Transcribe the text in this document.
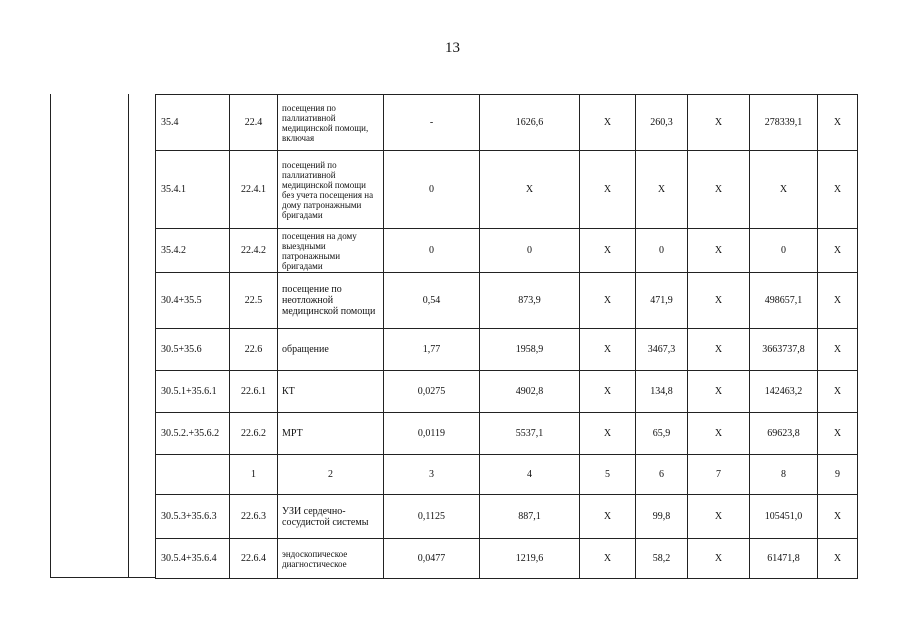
13
35.4	22.4	посещения по паллиативной медицинской помощи, включая	-	1626,6	X	260,3	X	278339,1	X
35.4.1	22.4.1	посещений по паллиативной медицинской помощи без учета посещения на дому патронажными бригадами	0	X	X	X	X	X	X
35.4.2	22.4.2	посещения на дому выездными патронажными бригадами	0	0	X	0	X	0	X
30.4+35.5	22.5	посещение по неотложной медицинской помощи	0,54	873,9	X	471,9	X	498657,1	X
30.5+35.6	22.6	обращение	1,77	1958,9	X	3467,3	X	3663737,8	X
30.5.1+35.6.1	22.6.1	КТ	0,0275	4902,8	X	134,8	X	142463,2	X
30.5.2.+35.6.2	22.6.2	МРТ	0,0119	5537,1	X	65,9	X	69623,8	X
	1	2	3	4	5	6	7	8	9
30.5.3+35.6.3	22.6.3	УЗИ сердечно-сосудистой системы	0,1125	887,1	X	99,8	X	105451,0	X
30.5.4+35.6.4	22.6.4	эндоскопическое диагностическое	0,0477	1219,6	X	58,2	X	61471,8	X
